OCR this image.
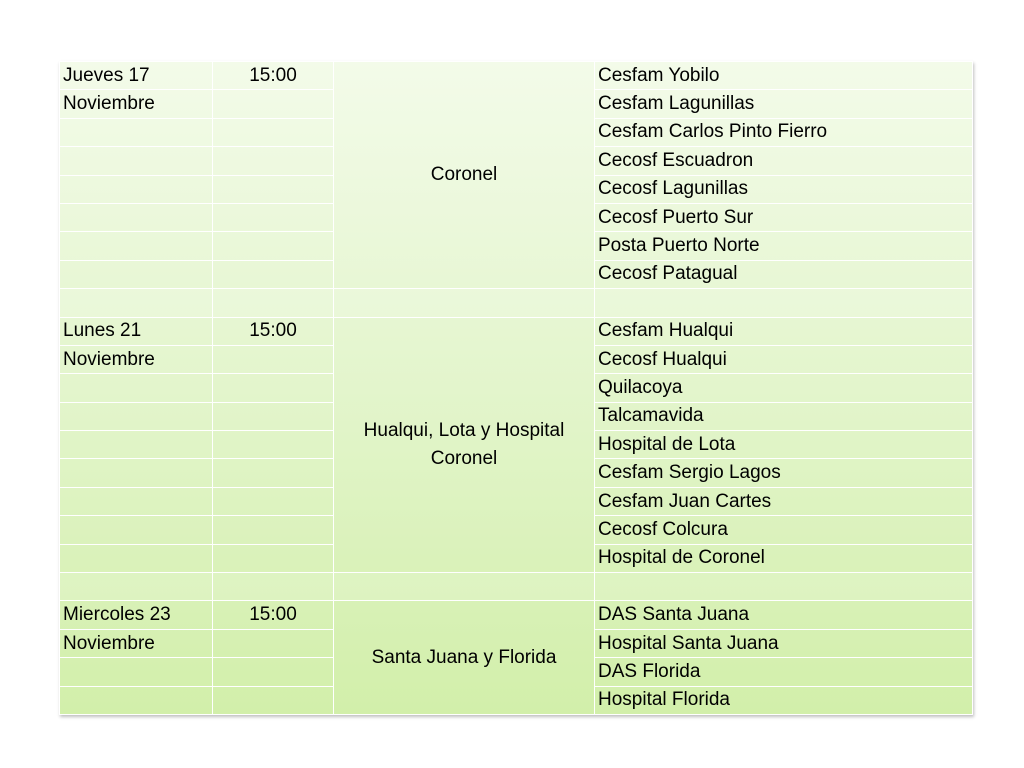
Jueves 17	15:00	Coronel	Cesfam Yobilo
Noviembre			Cesfam Lagunillas
			Cesfam Carlos Pinto Fierro
			Cecosf Escuadron
			Cecosf Lagunillas
			Cecosf Puerto Sur
			Posta Puerto Norte
			Cecosf Patagual

Lunes 21	15:00	Hualqui, Lota y Hospital Coronel	Cesfam Hualqui
Noviembre			Cecosf Hualqui
			Quilacoya
			Talcamavida
			Hospital de Lota
			Cesfam Sergio Lagos
			Cesfam Juan Cartes
			Cecosf Colcura
			Hospital de Coronel

Miercoles 23	15:00	Santa Juana y Florida	DAS Santa Juana
Noviembre			Hospital Santa Juana
			DAS Florida
			Hospital Florida
